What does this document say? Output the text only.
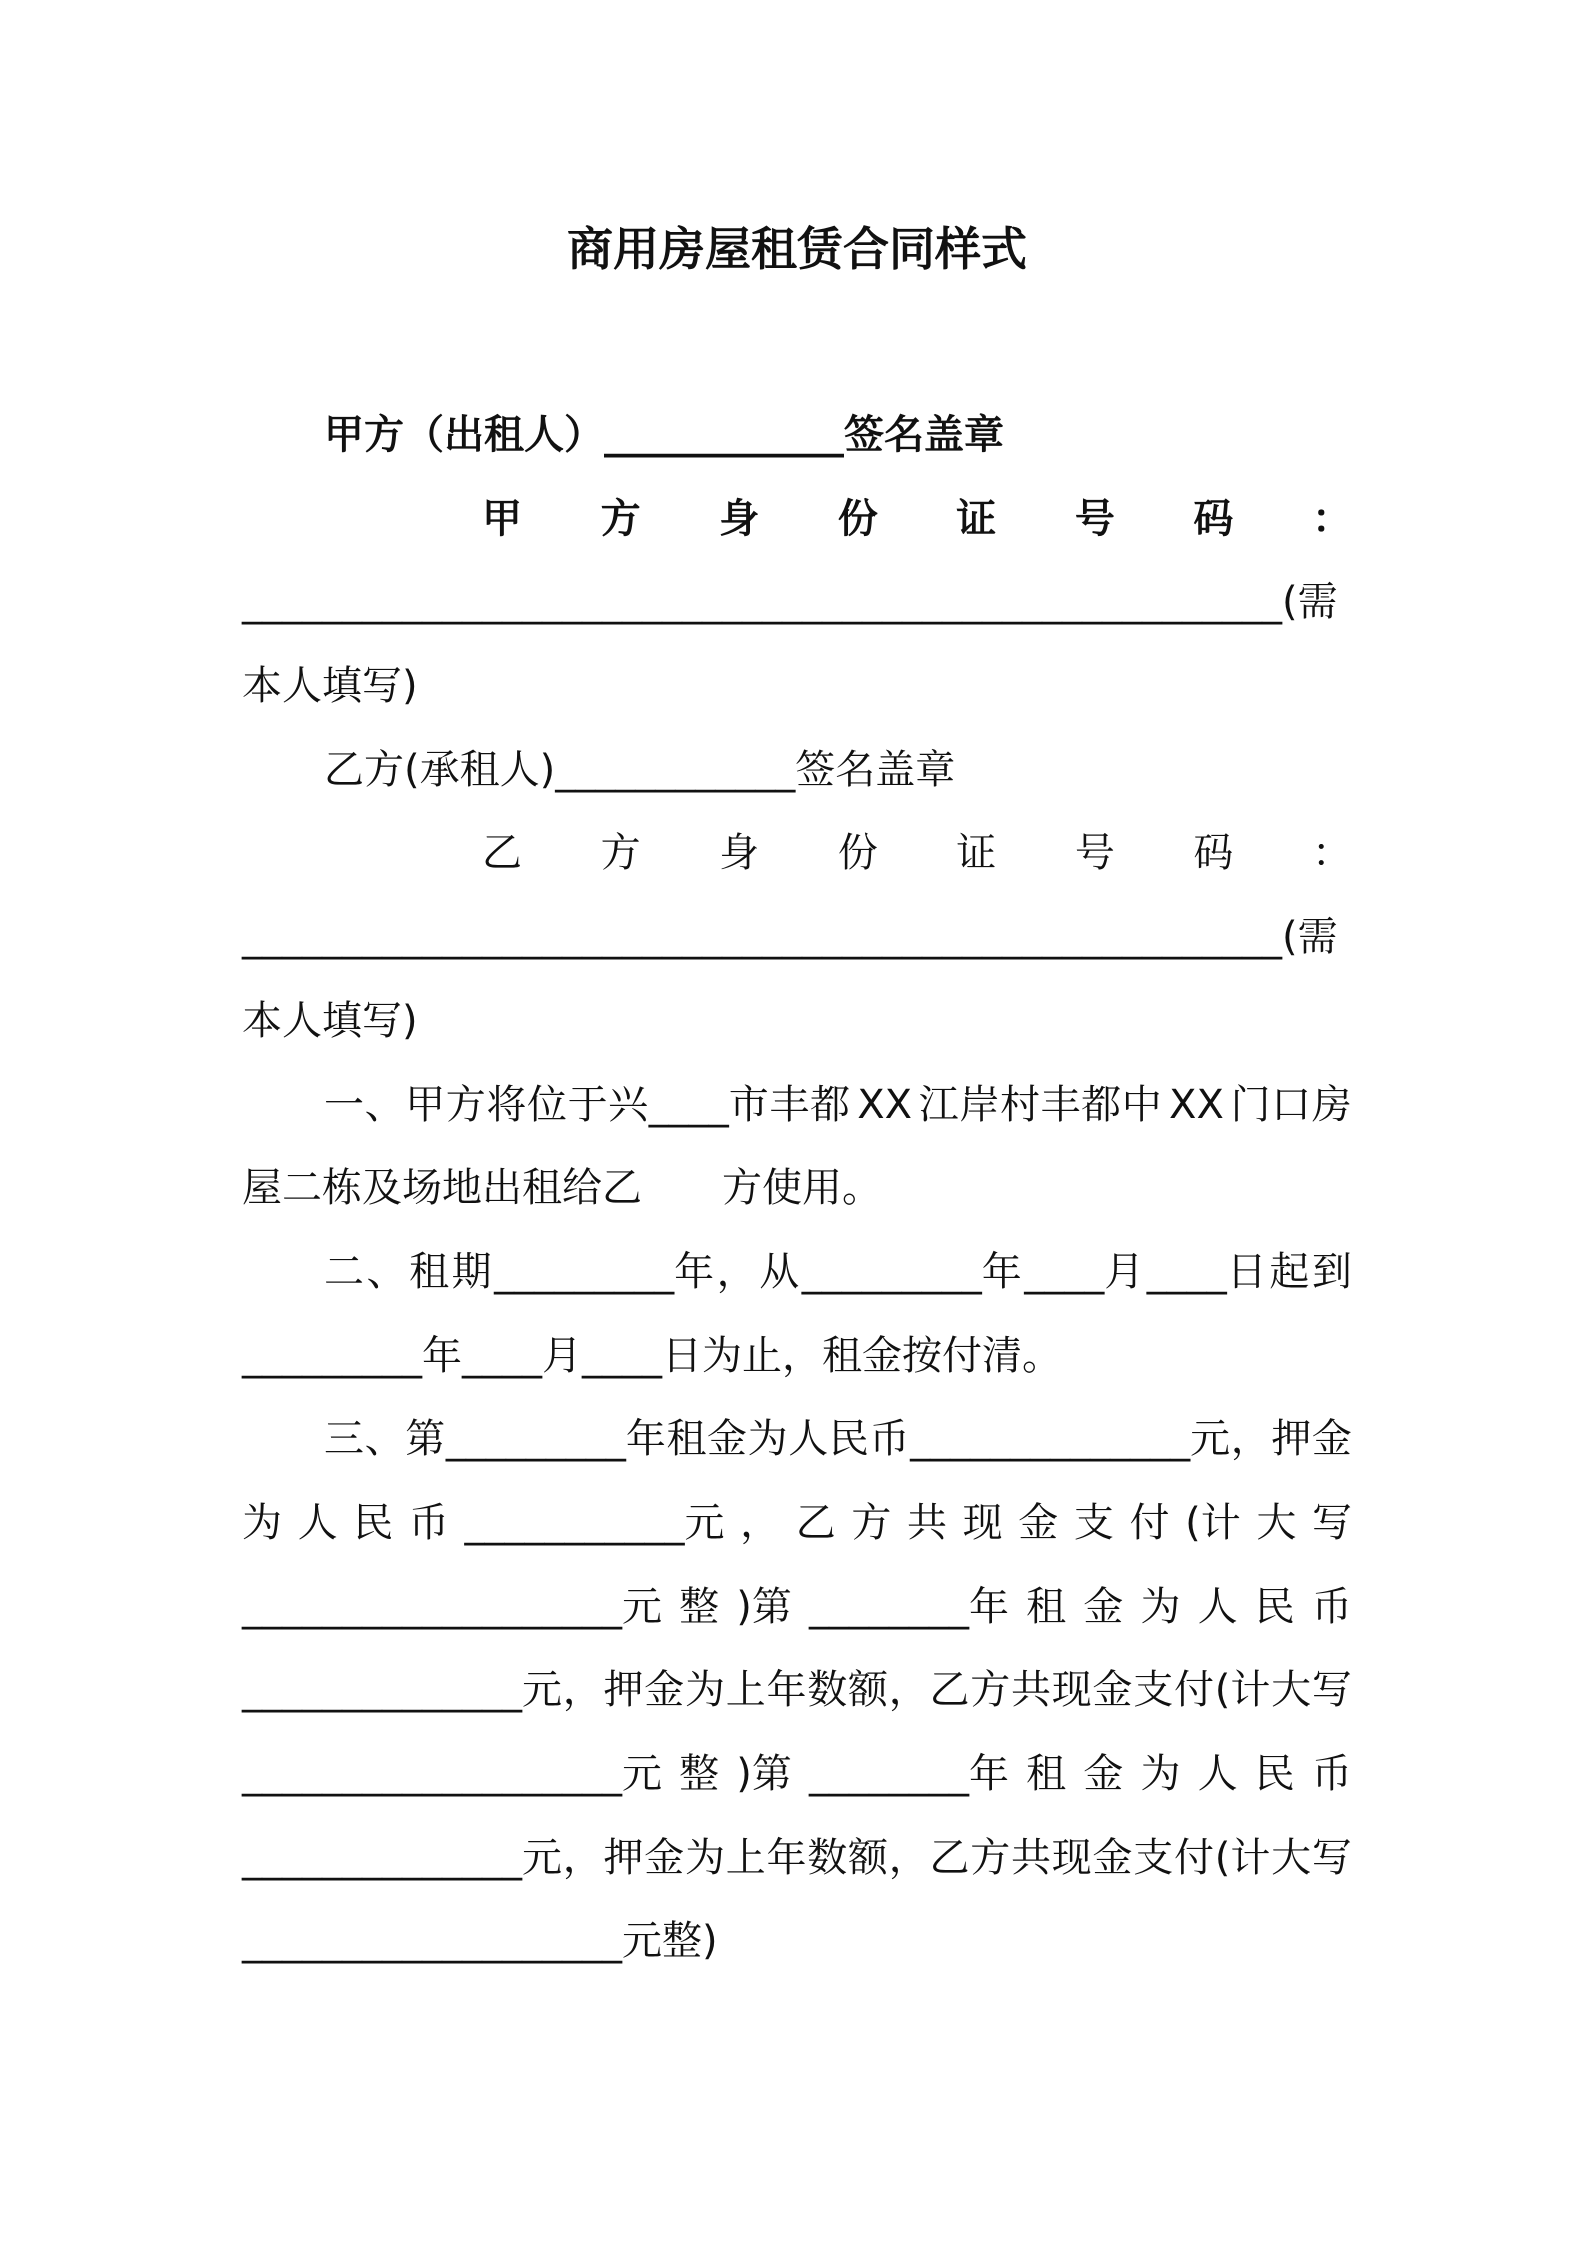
商用房屋租赁合同样式
甲方（出租人）____________签名盖章
甲 方 身 份 证 号 码 ：
____________________________________________________(需
本人填写)
乙方(承租人)____________签名盖章
乙 方 身 份 证 号 码 ：
____________________________________________________(需
本人填写)
一 、 甲 方 将 位 于 兴 ____市 丰 都 XX 江 岸 村 丰 都 中 XX 门 口 房
屋二栋及场地出租给乙　　方使用。
二 、 租 期 _________年 ， 从 _________年 ____月 ____日 起 到
_________年____月____日为止，租金按付清。
三 、 第 _________年 租 金 为 人 民 币 ______________元 ， 押 金
为 人 民 币 ___________元 ， 乙 方 共 现 金 支 付 (计 大 写
___________________元 整 )第 ________年 租 金 为 人 民 币
______________元 ， 押 金 为 上 年 数 额 ， 乙 方 共 现 金 支 付 (计 大 写
___________________元 整 )第 ________年 租 金 为 人 民 币
______________元 ， 押 金 为 上 年 数 额 ， 乙 方 共 现 金 支 付 (计 大 写
___________________元整)
